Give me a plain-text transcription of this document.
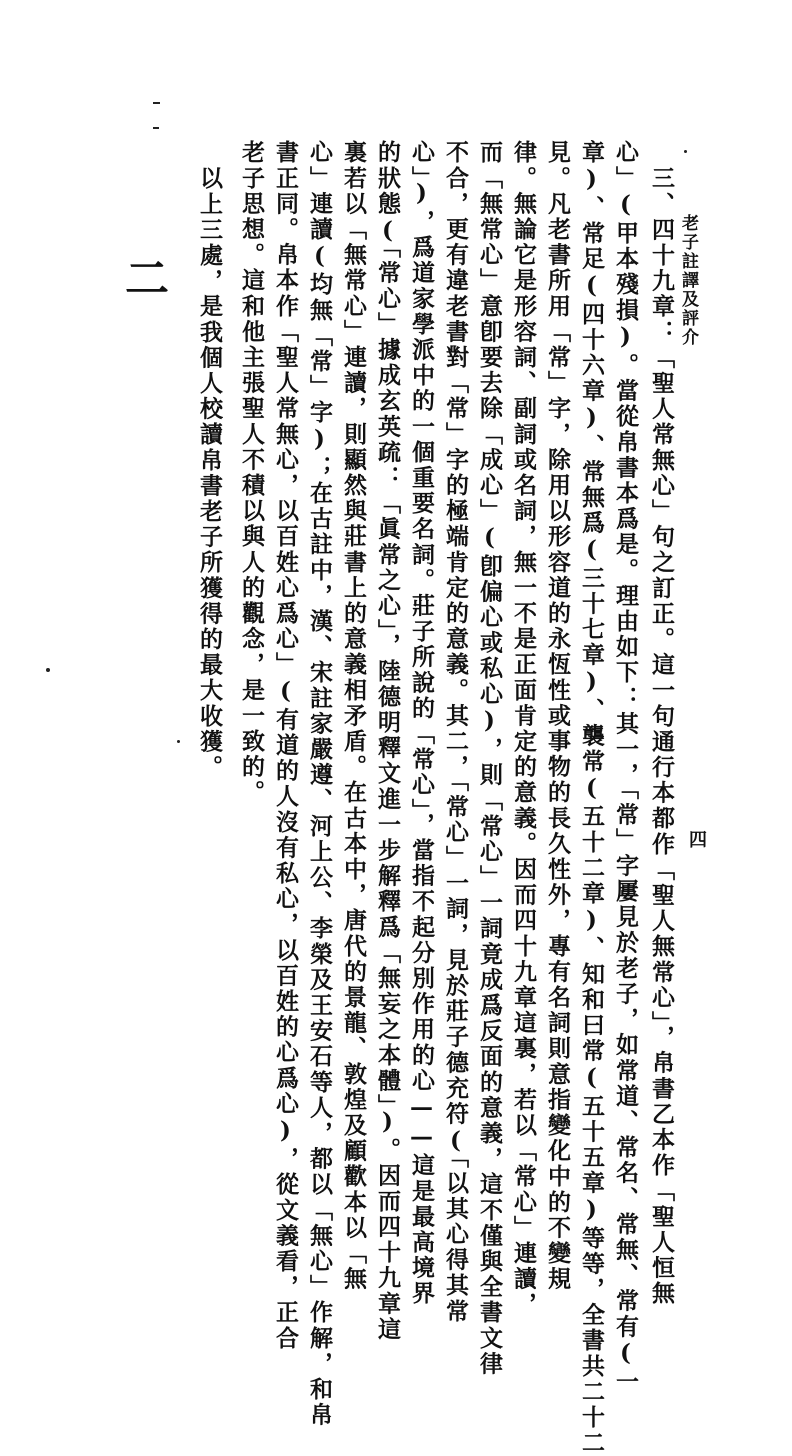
老子註譯及評介
四
三、四十九章：「聖人常無心」句之訂正。這一句通行本都作「聖人無常心」，帛書乙本作「聖人恒無
心」(甲本殘損)。當從帛書本爲是。理由如下：其一，「常」字屢見於老子，如常道、常名、常無、常有(一
章)、常足(四十六章)、常無爲(三十七章)、襲常(五十二章)、知和曰常(五十五章)等等，全書共二十二
見。凡老書所用「常」字，除用以形容道的永恆性或事物的長久性外，專有名詞則意指變化中的不變規
律。無論它是形容詞、副詞或名詞，無一不是正面肯定的意義。因而四十九章這裏，若以「常心」連讀，
而「無常心」意卽要去除「成心」(卽偏心或私心)，則「常心」一詞竟成爲反面的意義，這不僅與全書文律
不合，更有違老書對「常」字的極端肯定的意義。其二，「常心」一詞，見於莊子德充符(「以其心得其常
心」)，爲道家學派中的一個重要名詞。莊子所說的「常心」，當指不起分別作用的心——這是最高境界
的狀態(「常心」據成玄英疏：「眞常之心」，陸德明釋文進一步解釋爲「無妄之本體」)。因而四十九章這
裏若以「無常心」連讀，則顯然與莊書上的意義相矛盾。在古本中，唐代的景龍、敦煌及顧歡本以「無
心」連讀(均無「常」字)；在古註中，漢、宋註家嚴遵、河上公、李榮及王安石等人，都以「無心」作解，和帛
書正同。帛本作「聖人常無心，以百姓心爲心」(有道的人沒有私心，以百姓的心爲心)，從文義看，正合
老子思想。這和他主張聖人不積以與人的觀念，是一致的。
以上三處，是我個人校讀帛書老子所獲得的最大收獲。
二
